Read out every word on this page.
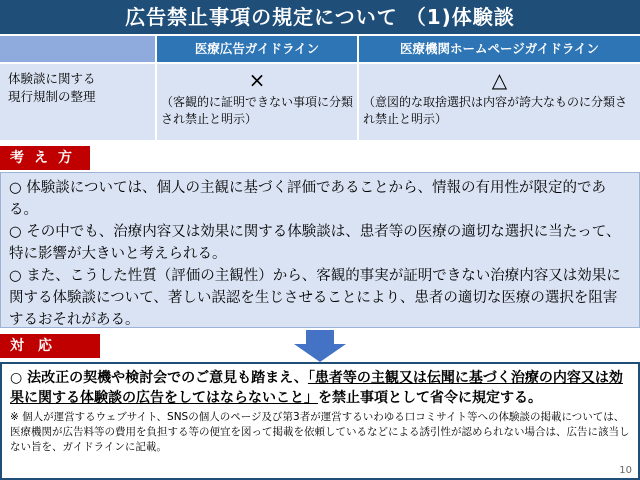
広告禁止事項の規定について （1)体験談
医療広告ガイドライン	医療機関ホームページガイドライン
体験談に関する
現行規制の整理
×
（客観的に証明できない事項に分類され禁止と明示）
△
（意図的な取捨選択は内容が誇大なものに分類され禁止と明示）
考え方

○ 体験談については、個人の主観に基づく評価であることから、情報の有用性が限定的である。

○ その中でも、治療内容又は効果に関する体験談は、患者等の医療の適切な選択に当たって、特に影響が大きいと考えられる。

○ また、こうした性質（評価の主観性）から、客観的事実が証明できない治療内容又は効果に関する体験談について、著しい誤認を生じさせることにより、患者の適切な医療の選択を阻害するおそれがある。

対応
○ 法改正の契機や検討会でのご意見も踏まえ、「患者等の主観又は伝聞に基づく治療の内容又は効果に関する体験談の広告をしてはならないこと」を禁止事項として省令に規定する。
※ 個人が運営するウェブサイト、SNSの個人のページ及び第3者が運営するいわゆる口コミサイト等への体験談の掲載については、医療機関が広告料等の費用を負担する等の便宜を図って掲載を依頼しているなどによる誘引性が認められない場合は、広告に該当しない旨を、ガイドラインに記載。
10
